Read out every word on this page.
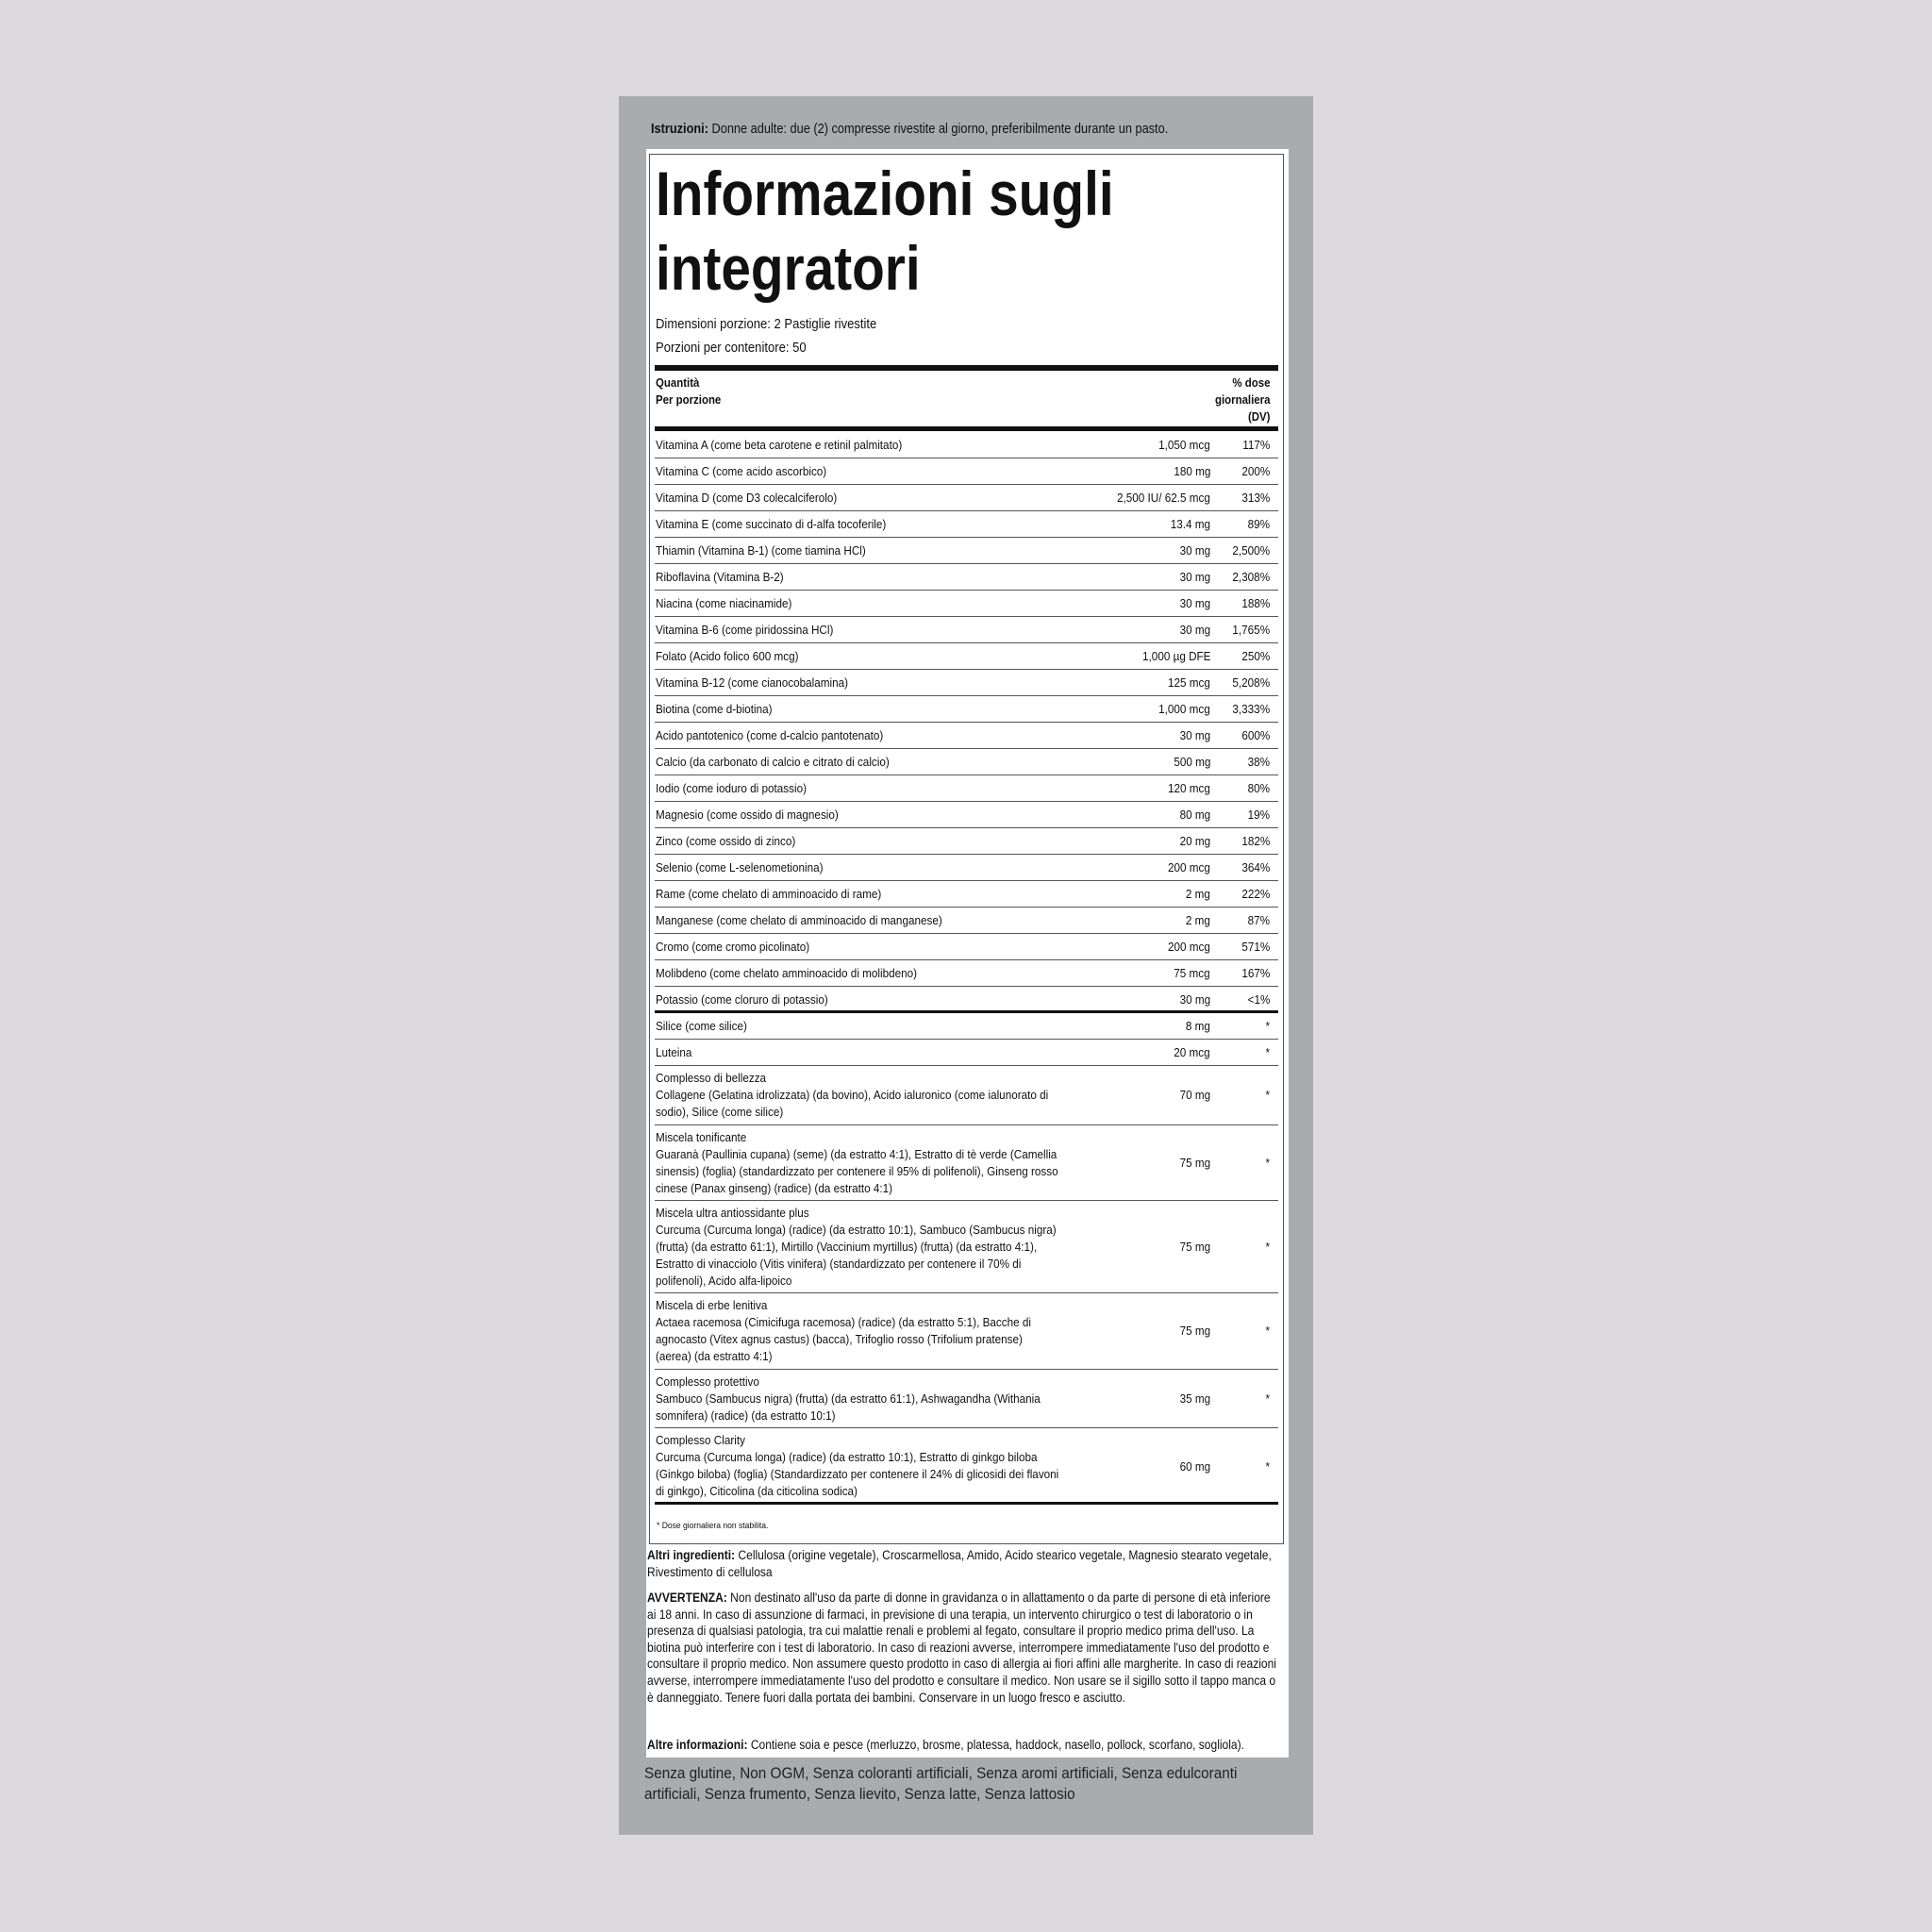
Istruzioni: Donne adulte: due (2) compresse rivestite al giorno, preferibilmente durante un pasto.
Informazioni sugli
integratori
Dimensioni porzione: 2 Pastiglie rivestite
Porzioni per contenitore: 50
Quantità
Per porzione
% dose
giornaliera
(DV)
Vitamina A (come beta carotene e retinil palmitato)	1,050 mcg	117%
Vitamina C (come acido ascorbico)	180 mg	200%
Vitamina D (come D3 colecalciferolo)	2,500 IU/ 62.5 mcg	313%
Vitamina E (come succinato di d-alfa tocoferile)	13.4 mg	89%
Thiamin (Vitamina B-1) (come tiamina HCl)	30 mg 2,500%
Riboflavina (Vitamina B-2)	30 mg 2,308%
Niacina (come niacinamide)	30 mg	188%
Vitamina B-6 (come piridossina HCl)	30 mg 1,765%
Folato (Acido folico 600 mcg)	1,000 µg DFE	250%
Vitamina B-12 (come cianocobalamina)	125 mcg 5,208%
Biotina (come d-biotina)	1,000 mcg 3,333%
Acido pantotenico (come d-calcio pantotenato)	30 mg	600%
Calcio (da carbonato di calcio e citrato di calcio)	500 mg	38%
Iodio (come ioduro di potassio)	120 mcg	80%
Magnesio (come ossido di magnesio)	80 mg	19%
Zinco (come ossido di zinco)	20 mg	182%
Selenio (come L-selenometionina)	200 mcg	364%
Rame (come chelato di amminoacido di rame)	2 mg	222%
Manganese (come chelato di amminoacido di manganese)	2 mg	87%
Cromo (come cromo picolinato)	200 mcg	571%
Molibdeno (come chelato amminoacido di molibdeno)	75 mcg	167%
Potassio (come cloruro di potassio)	30 mg	<1%
Silice (come silice)	8 mg	*
Luteina	20 mcg	*
Complesso di bellezza
Collagene (Gelatina idrolizzata) (da bovino), Acido ialuronico (come ialunorato di sodio), Silice (come silice)
70 mg	*
Miscela tonificante
Guaranà (Paullinia cupana) (seme) (da estratto 4:1), Estratto di tè verde (Camellia sinensis) (foglia) (standardizzato per contenere il 95% di polifenoli), Ginseng rosso cinese (Panax ginseng) (radice) (da estratto 4:1)
75 mg	*
Miscela ultra antiossidante plus
Curcuma (Curcuma longa) (radice) (da estratto 10:1), Sambuco (Sambucus nigra) (frutta) (da estratto 61:1), Mirtillo (Vaccinium myrtillus) (frutta) (da estratto 4:1), Estratto di vinacciolo (Vitis vinifera) (standardizzato per contenere il 70% di polifenoli), Acido alfa-lipoico
75 mg	*
Miscela di erbe lenitiva
Actaea racemosa (Cimicifuga racemosa) (radice) (da estratto 5:1), Bacche di agnocasto (Vitex agnus castus) (bacca), Trifoglio rosso (Trifolium pratense) (aerea) (da estratto 4:1)
75 mg	*
Complesso protettivo
Sambuco (Sambucus nigra) (frutta) (da estratto 61:1), Ashwagandha (Withania somnifera) (radice) (da estratto 10:1)
35 mg	*
Complesso Clarity
Curcuma (Curcuma longa) (radice) (da estratto 10:1), Estratto di ginkgo biloba (Ginkgo biloba) (foglia) (Standardizzato per contenere il 24% di glicosidi dei flavoni di ginkgo), Citicolina (da citicolina sodica)
60 mg	*
* Dose giornaliera non stabilita.
Altri ingredienti: Cellulosa (origine vegetale), Croscarmellosa, Amido, Acido stearico vegetale, Magnesio stearato vegetale, Rivestimento di cellulosa
AVVERTENZA: Non destinato all'uso da parte di donne in gravidanza o in allattamento o da parte di persone di età inferiore ai 18 anni. In caso di assunzione di farmaci, in previsione di una terapia, un intervento chirurgico o test di laboratorio o in presenza di qualsiasi patologia, tra cui malattie renali e problemi al fegato, consultare il proprio medico prima dell'uso. La biotina può interferire con i test di laboratorio. In caso di reazioni avverse, interrompere immediatamente l'uso del prodotto e consultare il proprio medico. Non assumere questo prodotto in caso di allergia ai fiori affini alle margherite. In caso di reazioni avverse, interrompere immediatamente l'uso del prodotto e consultare il medico. Non usare se il sigillo sotto il tappo manca o è danneggiato. Tenere fuori dalla portata dei bambini. Conservare in un luogo fresco e asciutto.
Altre informazioni: Contiene soia e pesce (merluzzo, brosme, platessa, haddock, nasello, pollock, scorfano, sogliola).
Senza glutine, Non OGM, Senza coloranti artificiali, Senza aromi artificiali, Senza edulcoranti artificiali, Senza frumento, Senza lievito, Senza latte, Senza lattosio
